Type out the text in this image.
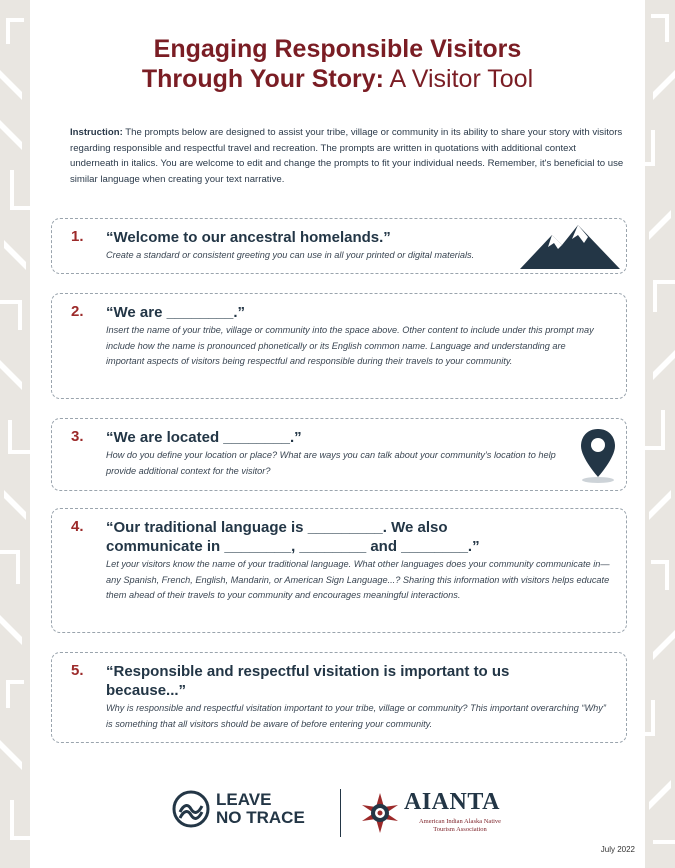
Engaging Responsible Visitors
Through Your Story: A Visitor Tool

Instruction: The prompts below are designed to assist your tribe, village or community in its ability to share your story with visitors regarding responsible and respectful travel and recreation. The prompts are written in quotations with additional context underneath in italics. You are welcome to edit and change the prompts to fit your individual needs. Remember, it's beneficial to use similar language when creating your text narrative.

1. “Welcome to our ancestral homelands.”
Create a standard or consistent greeting you can use in all your printed or digital materials.
2. “We are ________.”
Insert the name of your tribe, village or community into the space above. Other content to include under this prompt may include how the name is pronounced phonetically or its English common name. Language and understanding are important aspects of visitors being respectful and responsible during their travels to your community.
3. “We are located ________.”
How do you define your location or place? What are ways you can talk about your community’s location to help provide additional context for the visitor?
4. “Our traditional language is _________. We also communicate in ________, ________ and ________.”
Let your visitors know the name of your traditional language. What other languages does your community communicate in—any Spanish, French, English, Mandarin, or American Sign Language...? Sharing this information with visitors helps educate them ahead of their travels to your community and encourages meaningful interactions.
5. “Responsible and respectful visitation is important to us because...”
Why is responsible and respectful visitation important to your tribe, village or community? This important overarching “Why” is something that all visitors should be aware of before entering your community.
LEAVE
NO TRACE
AIANTA
American Indian Alaska Native
Tourism Association
July 2022
